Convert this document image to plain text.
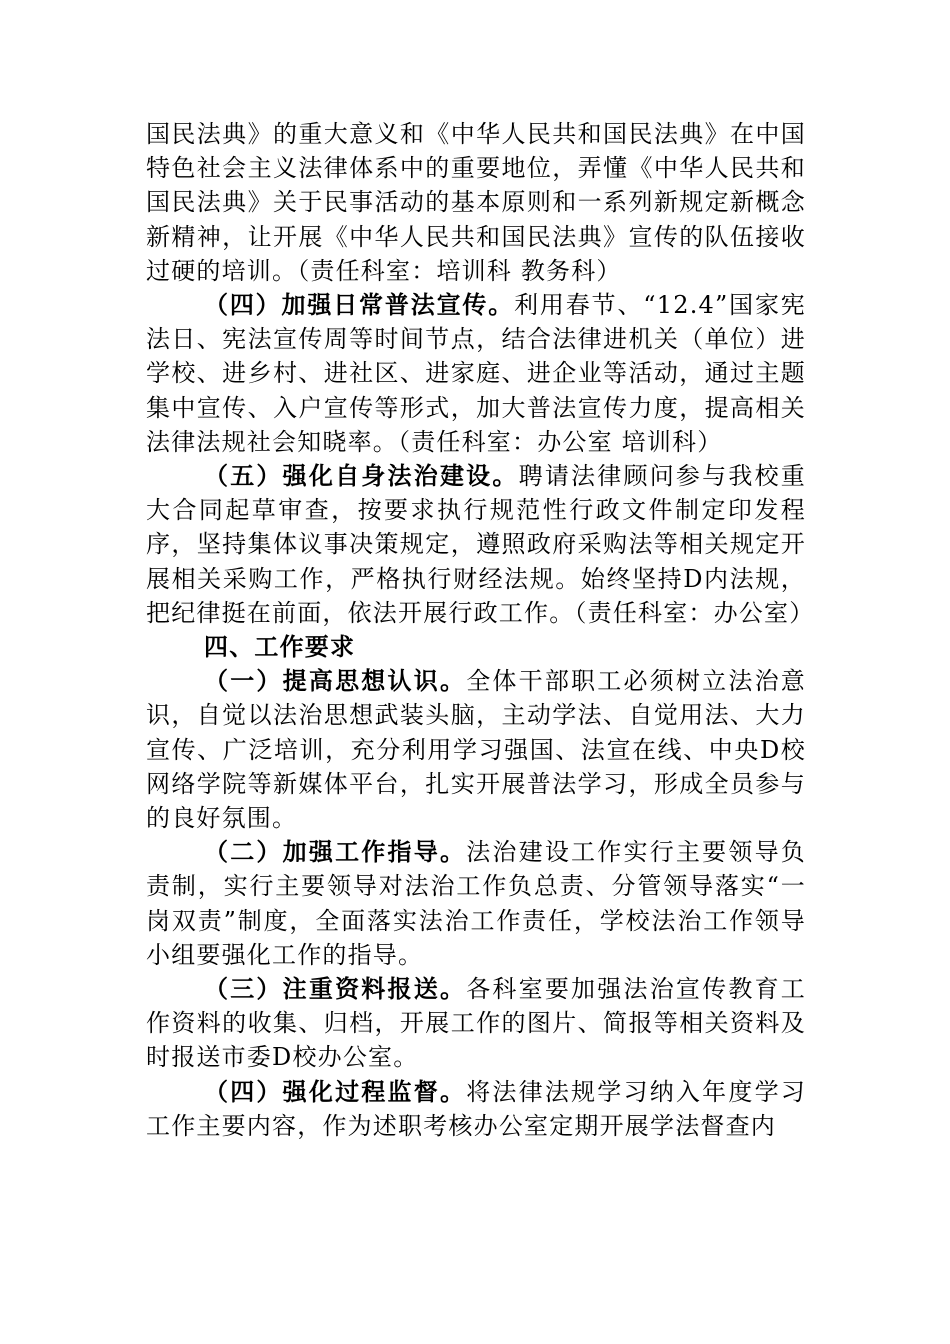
国民法典》的重大意义和《中华人民共和国民法典》在中国特色社会主义法律体系中的重要地位，弄懂《中华人民共和国民法典》关于民事活动的基本原则和一系列新规定新概念新精神，让开展《中华人民共和国民法典》宣传的队伍接收过硬的培训。（责任科室：培训科 教务科）

（四）加强日常普法宣传。利用春节、“12.4”国家宪法日、宪法宣传周等时间节点，结合法律进机关（单位）进学校、进乡村、进社区、进家庭、进企业等活动，通过主题集中宣传、入户宣传等形式，加大普法宣传力度，提高相关法律法规社会知晓率。（责任科室：办公室 培训科）

（五）强化自身法治建设。聘请法律顾问参与我校重大合同起草审查，按要求执行规范性行政文件制定印发程序，坚持集体议事决策规定，遵照政府采购法等相关规定开展相关采购工作，严格执行财经法规。始终坚持D内法规，把纪律挺在前面，依法开展行政工作。（责任科室：办公室）

四、工作要求

（一）提高思想认识。全体干部职工必须树立法治意识，自觉以法治思想武装头脑，主动学法、自觉用法、大力宣传、广泛培训，充分利用学习强国、法宣在线、中央D校网络学院等新媒体平台，扎实开展普法学习，形成全员参与的良好氛围。

（二）加强工作指导。法治建设工作实行主要领导负责制，实行主要领导对法治工作负总责、分管领导落实“一岗双责”制度，全面落实法治工作责任，学校法治工作领导小组要强化工作的指导。

（三）注重资料报送。各科室要加强法治宣传教育工作资料的收集、归档，开展工作的图片、简报等相关资料及时报送市委D校办公室。

（四）强化过程监督。将法律法规学习纳入年度学习工作主要内容，作为述职考核办公室定期开展学法督查内
